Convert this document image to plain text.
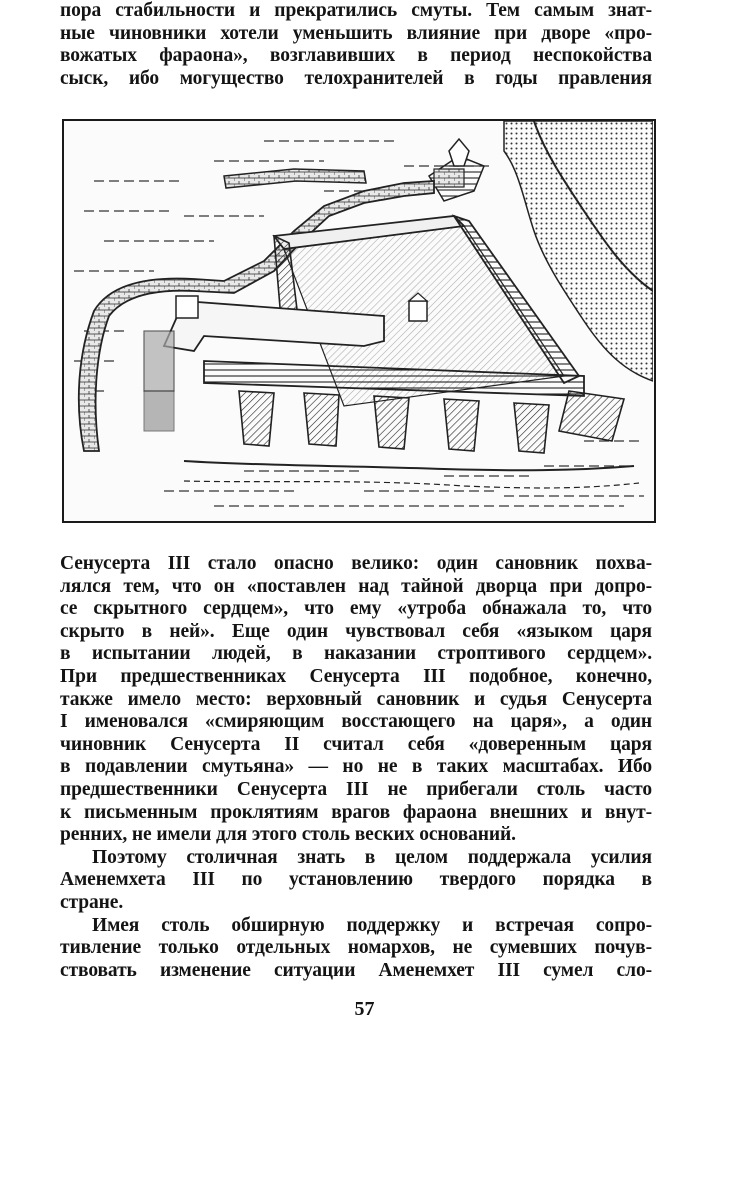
пора стабильности и прекратились смуты. Тем самым знат-
ные чиновники хотели уменьшить влияние при дворе «про-
вожатых фараона», возглавивших в период неспокойства
сыск, ибо могущество телохранителей в годы правления
Сенусерта III стало опасно велико: один сановник похва-
лялся тем, что он «поставлен над тайной дворца при допро-
се скрытного сердцем», что ему «утроба обнажала то, что
скрыто в ней». Еще один чувствовал себя «языком царя
в испытании людей, в наказании строптивого сердцем».
При предшественниках Сенусерта III подобное, конечно,
также имело место: верховный сановник и судья Сенусерта
I именовался «смиряющим восстающего на царя», а один
чиновник Сенусерта II считал себя «доверенным царя
в подавлении смутьяна» — но не в таких масштабах. Ибо
предшественники Сенусерта III не прибегали столь часто
к письменным проклятиям врагов фараона внешних и внут-
ренних, не имели для этого столь веских оснований.
Поэтому столичная знать в целом поддержала усилия
Аменемхета III по установлению твердого порядка в
стране.
Имея столь обширную поддержку и встречая сопро-
тивление только отдельных номархов, не сумевших почув-
ствовать изменение ситуации Аменемхет III сумел сло-
57
